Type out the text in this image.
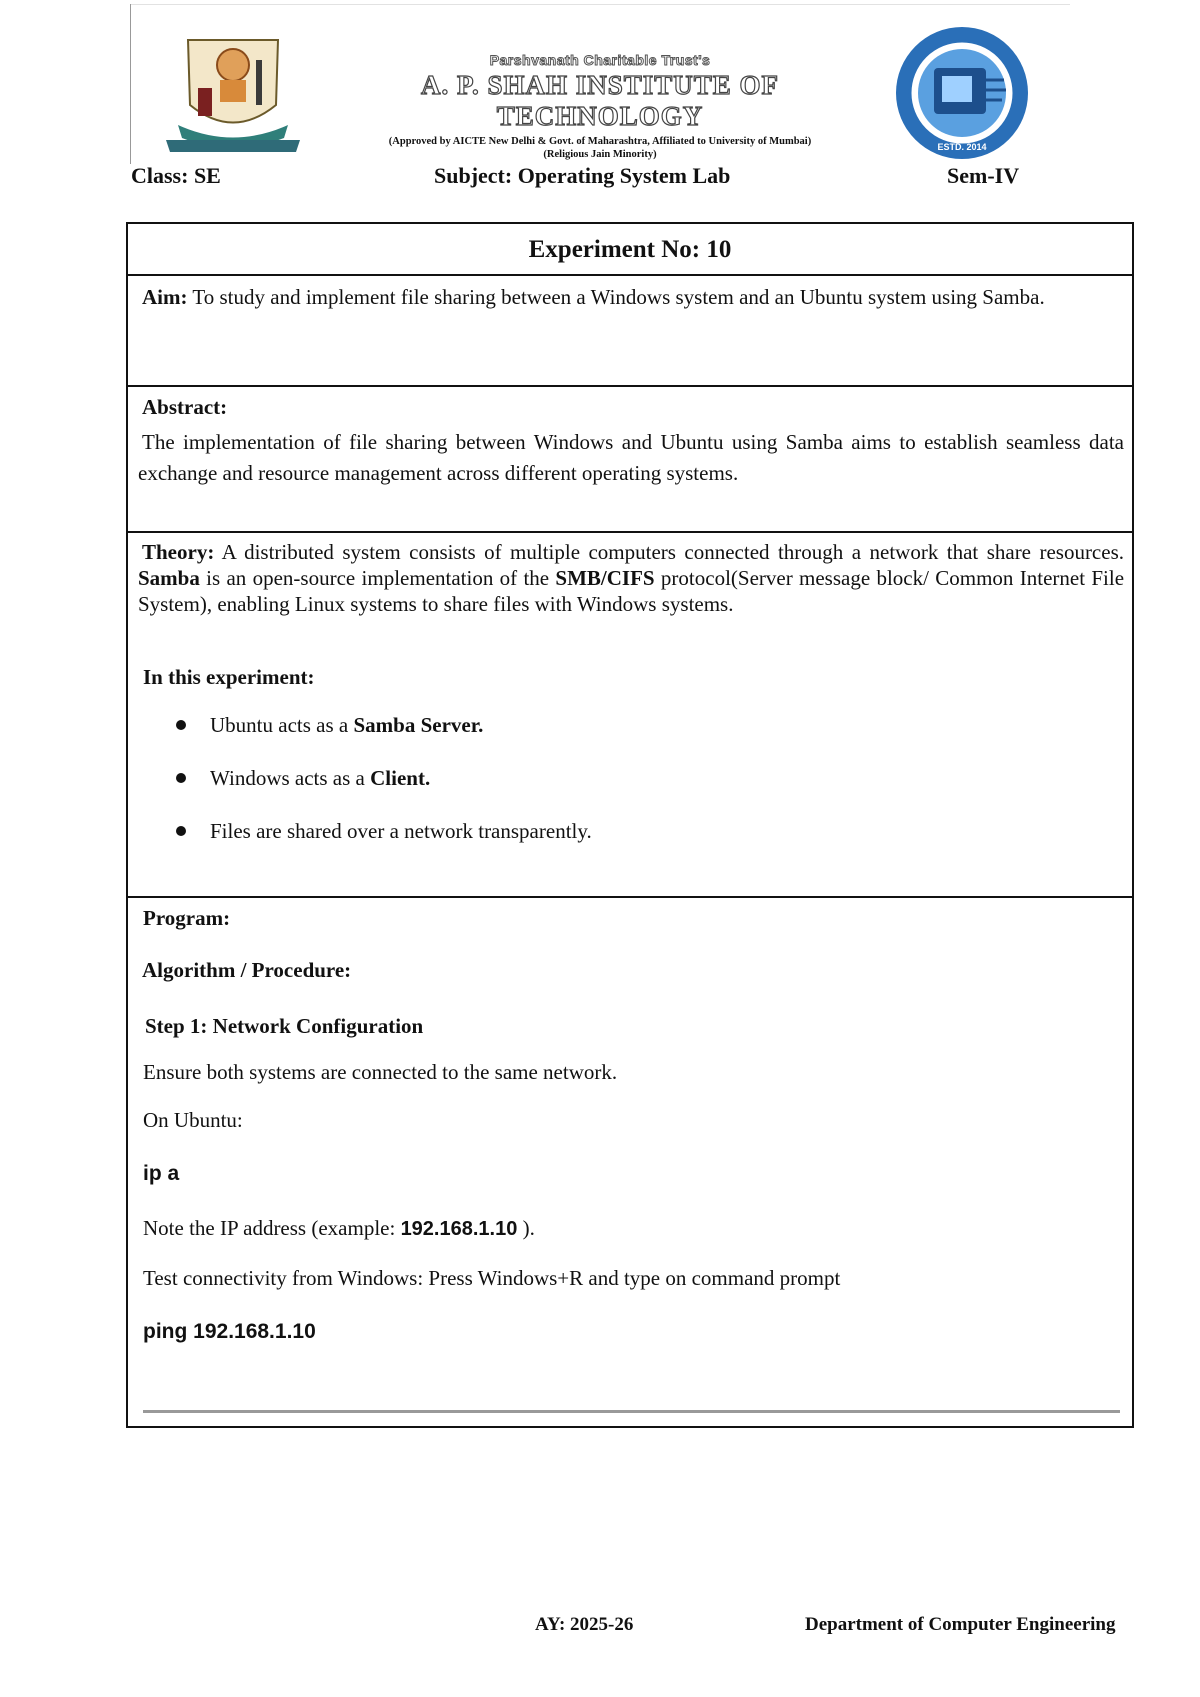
Parshvanath Charitable Trust's
A. P. SHAH INSTITUTE OF TECHNOLOGY
(Approved by AICTE New Delhi & Govt. of Maharashtra, Affiliated to University of Mumbai)
(Religious Jain Minority)
ESTD. 2014
Class: SE	Subject: Operating System Lab	Sem-IV
Experiment No: 10
Aim: To study and implement file sharing between a Windows system and an Ubuntu system using Samba.
Abstract:
The implementation of file sharing between Windows and Ubuntu using Samba aims to establish seamless data exchange and resource management across different operating systems.
Theory: A distributed system consists of multiple computers connected through a network that share resources. Samba is an open-source implementation of the SMB/CIFS protocol(Server message block/ Common Internet File System), enabling Linux systems to share files with Windows systems.
In this experiment:
Ubuntu acts as a Samba Server.
Windows acts as a Client.
Files are shared over a network transparently.
Program:
Algorithm / Procedure:
Step 1: Network Configuration
Ensure both systems are connected to the same network.
On Ubuntu:
ip a
Note the IP address (example: 192.168.1.10 ).
Test connectivity from Windows: Press Windows+R and type on command prompt
ping 192.168.1.10
AY: 2025-26	Department of Computer Engineering
